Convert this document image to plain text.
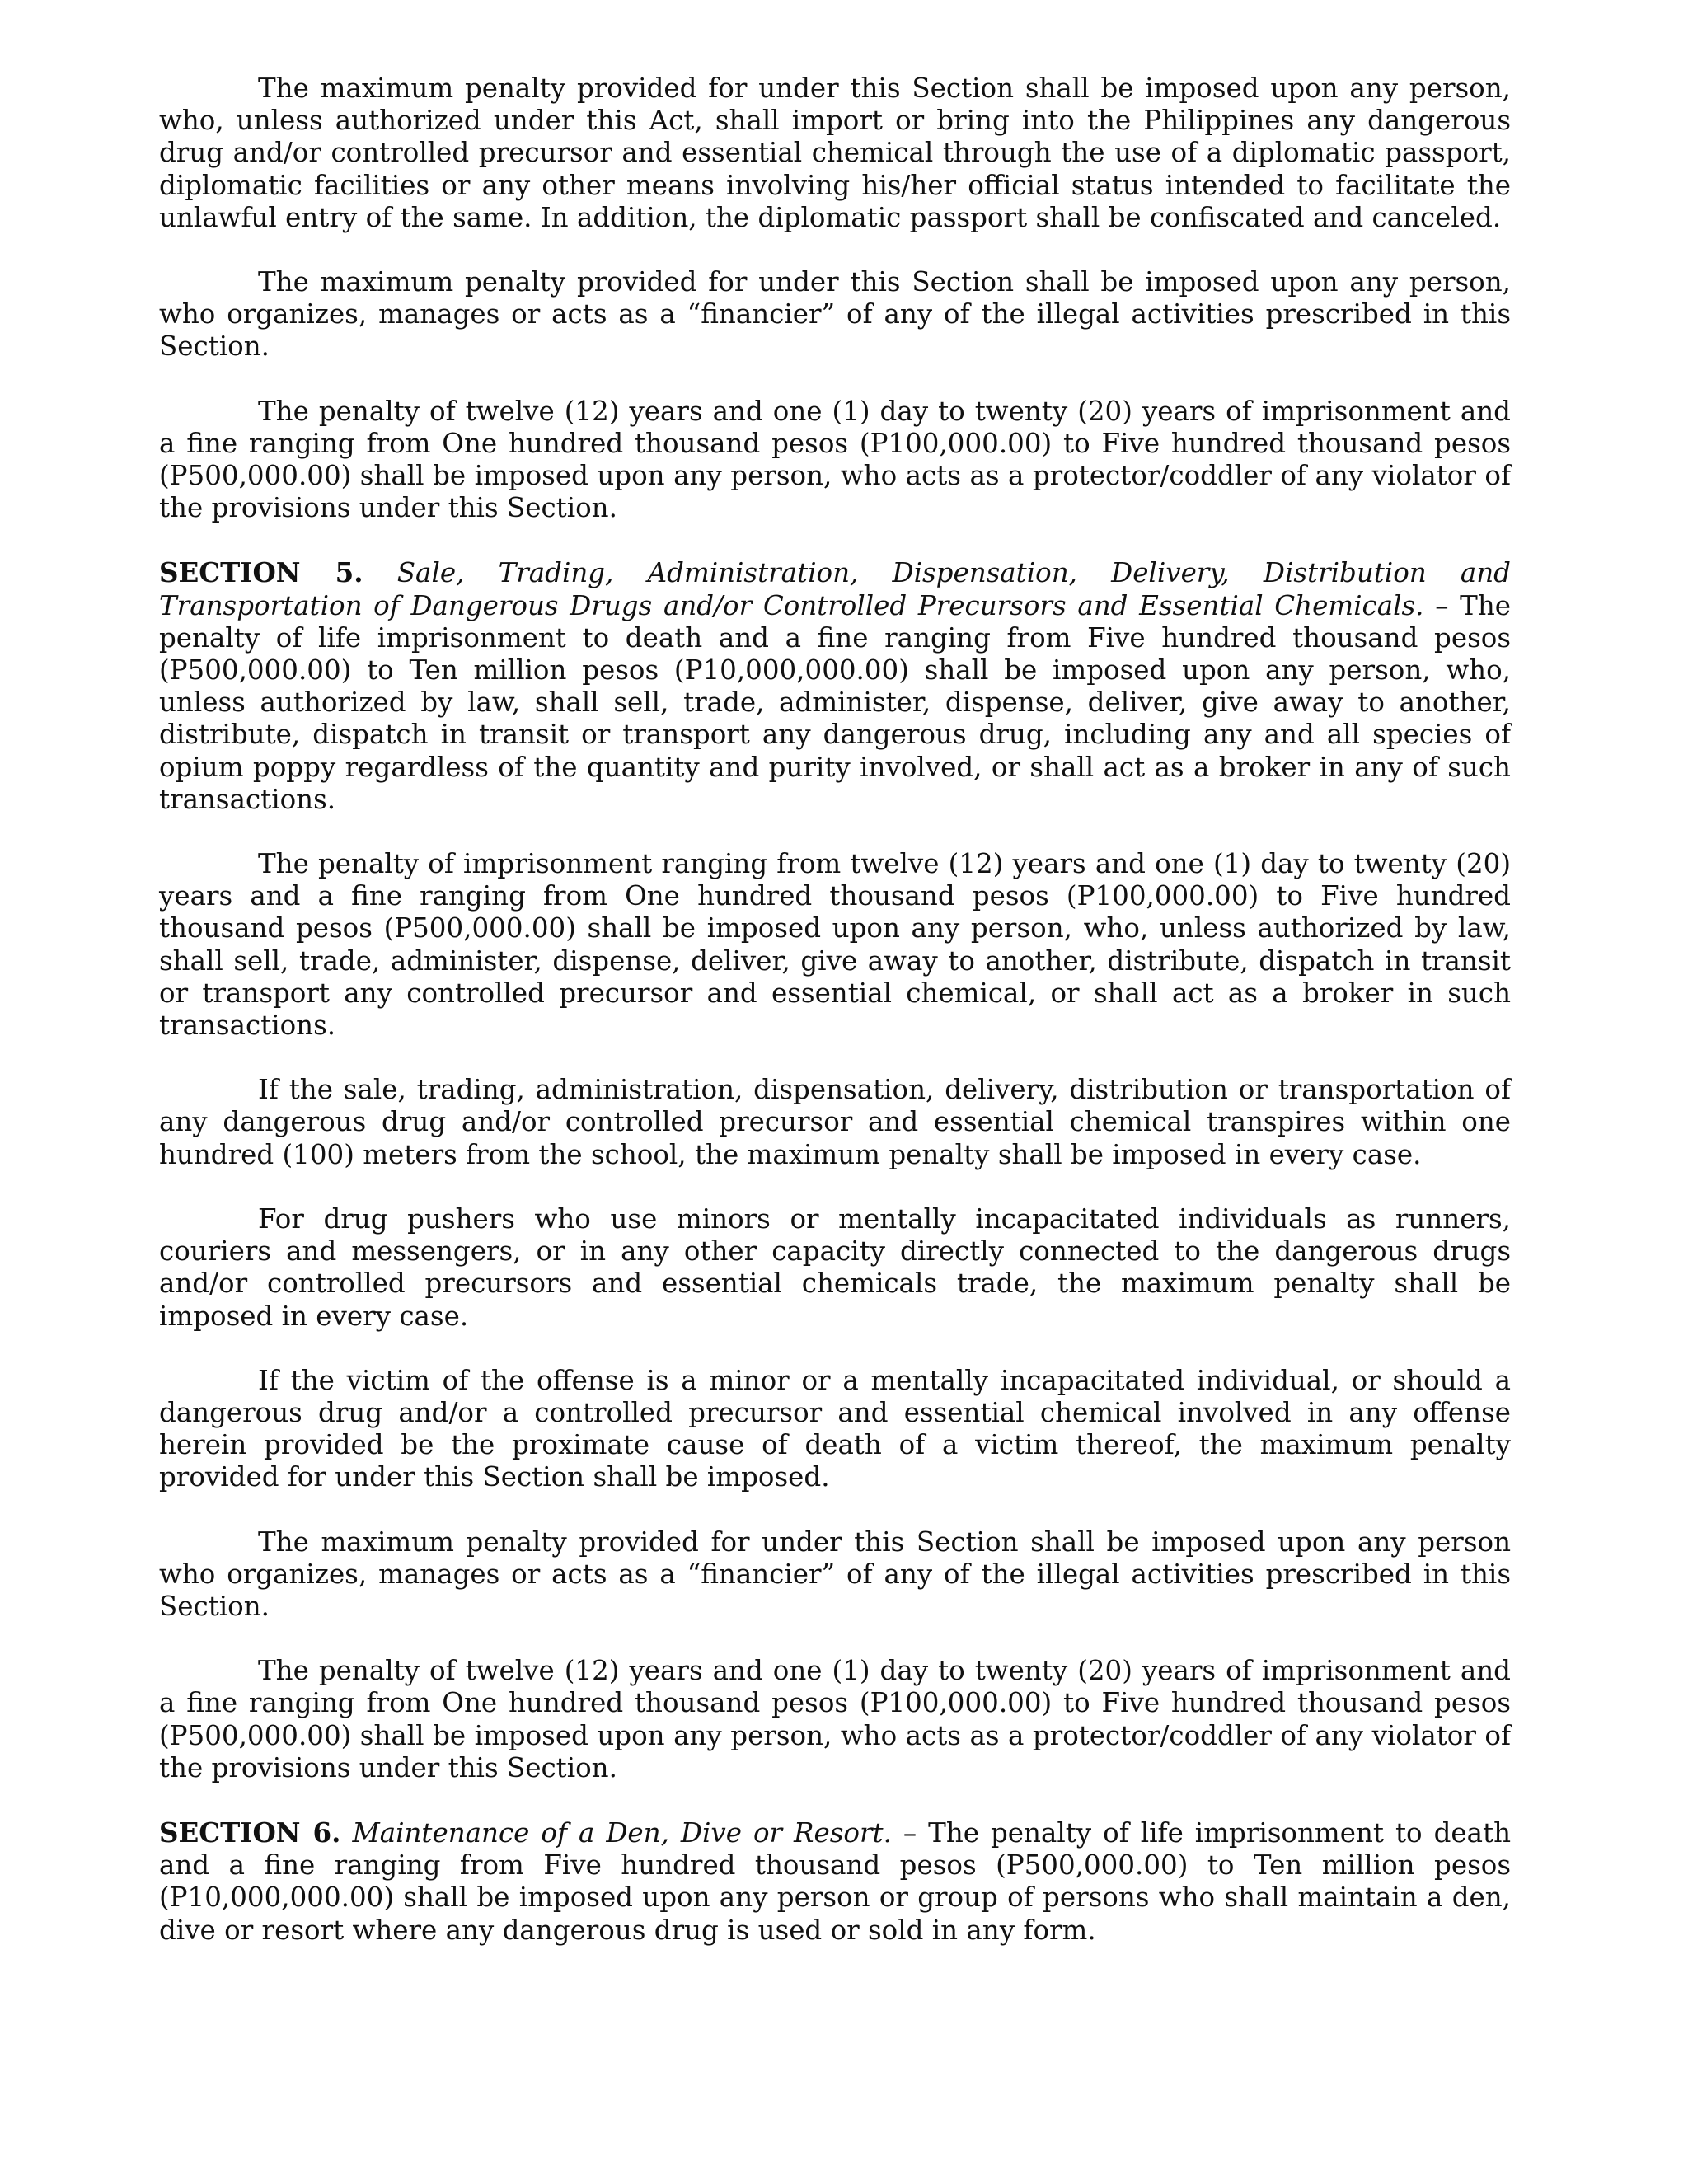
The maximum penalty provided for under this Section shall be imposed upon any person, who, unless authorized under this Act, shall import or bring into the Philippines any dangerous drug and/or controlled precursor and essential chemical through the use of a diplomatic passport, diplomatic facilities or any other means involving his/her official status intended to facilitate the unlawful entry of the same. In addition, the diplomatic passport shall be confiscated and canceled.

The maximum penalty provided for under this Section shall be imposed upon any person, who organizes, manages or acts as a “financier” of any of the illegal activities prescribed in this Section.

The penalty of twelve (12) years and one (1) day to twenty (20) years of imprisonment and a fine ranging from One hundred thousand pesos (P100,000.00) to Five hundred thousand pesos (P500,000.00) shall be imposed upon any person, who acts as a protector/coddler of any violator of the provisions under this Section.

SECTION 5. Sale, Trading, Administration, Dispensation, Delivery, Distribution and Transportation of Dangerous Drugs and/or Controlled Precursors and Essential Chemicals. – The penalty of life imprisonment to death and a fine ranging from Five hundred thousand pesos (P500,000.00) to Ten million pesos (P10,000,000.00) shall be imposed upon any person, who, unless authorized by law, shall sell, trade, administer, dispense, deliver, give away to another, distribute, dispatch in transit or transport any dangerous drug, including any and all species of opium poppy regardless of the quantity and purity involved, or shall act as a broker in any of such transactions.

The penalty of imprisonment ranging from twelve (12) years and one (1) day to twenty (20) years and a fine ranging from One hundred thousand pesos (P100,000.00) to Five hundred thousand pesos (P500,000.00) shall be imposed upon any person, who, unless authorized by law, shall sell, trade, administer, dispense, deliver, give away to another, distribute, dispatch in transit or transport any controlled precursor and essential chemical, or shall act as a broker in such transactions.

If the sale, trading, administration, dispensation, delivery, distribution or transportation of any dangerous drug and/or controlled precursor and essential chemical transpires within one hundred (100) meters from the school, the maximum penalty shall be imposed in every case.

For drug pushers who use minors or mentally incapacitated individuals as runners, couriers and messengers, or in any other capacity directly connected to the dangerous drugs and/or controlled precursors and essential chemicals trade, the maximum penalty shall be imposed in every case.

If the victim of the offense is a minor or a mentally incapacitated individual, or should a dangerous drug and/or a controlled precursor and essential chemical involved in any offense herein provided be the proximate cause of death of a victim thereof, the maximum penalty provided for under this Section shall be imposed.

The maximum penalty provided for under this Section shall be imposed upon any person who organizes, manages or acts as a “financier” of any of the illegal activities prescribed in this Section.

The penalty of twelve (12) years and one (1) day to twenty (20) years of imprisonment and a fine ranging from One hundred thousand pesos (P100,000.00) to Five hundred thousand pesos (P500,000.00) shall be imposed upon any person, who acts as a protector/coddler of any violator of the provisions under this Section.

SECTION 6. Maintenance of a Den, Dive or Resort. – The penalty of life imprisonment to death and a fine ranging from Five hundred thousand pesos (P500,000.00) to Ten million pesos (P10,000,000.00) shall be imposed upon any person or group of persons who shall maintain a den, dive or resort where any dangerous drug is used or sold in any form.
